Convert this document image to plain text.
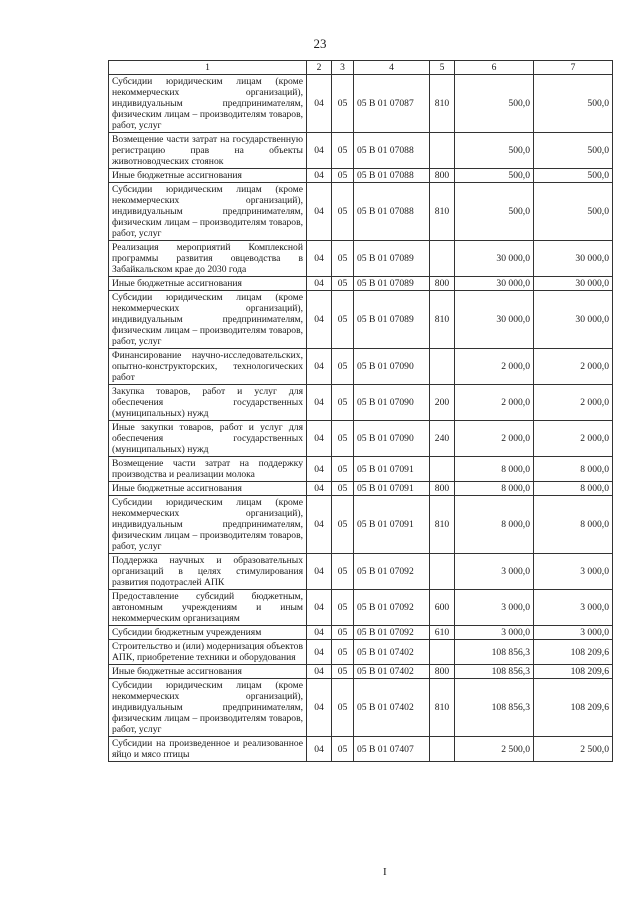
23
1	2	3	4	5	6	7
Субсидии юридическим лицам (кроме некоммерческих организаций), индивидуальным предпринимателям, физическим лицам – производителям товаров, работ, услуг	04	05	05 В 01 07087	810	500,0	500,0
Возмещение части затрат на государственную регистрацию прав на объекты животноводческих стоянок	04	05	05 В 01 07088		500,0	500,0
Иные бюджетные ассигнования	04	05	05 В 01 07088	800	500,0	500,0
Субсидии юридическим лицам (кроме некоммерческих организаций), индивидуальным предпринимателям, физическим лицам – производителям товаров, работ, услуг	04	05	05 В 01 07088	810	500,0	500,0
Реализация мероприятий Комплексной программы развития овцеводства в Забайкальском крае до 2030 года	04	05	05 В 01 07089		30 000,0	30 000,0
Иные бюджетные ассигнования	04	05	05 В 01 07089	800	30 000,0	30 000,0
Субсидии юридическим лицам (кроме некоммерческих организаций), индивидуальным предпринимателям, физическим лицам – производителям товаров, работ, услуг	04	05	05 В 01 07089	810	30 000,0	30 000,0
Финансирование научно-исследовательских, опытно-конструкторских, технологических работ	04	05	05 В 01 07090		2 000,0	2 000,0
Закупка товаров, работ и услуг для обеспечения государственных (муниципальных) нужд	04	05	05 В 01 07090	200	2 000,0	2 000,0
Иные закупки товаров, работ и услуг для обеспечения государственных (муниципальных) нужд	04	05	05 В 01 07090	240	2 000,0	2 000,0
Возмещение части затрат на поддержку производства и реализации молока	04	05	05 В 01 07091		8 000,0	8 000,0
Иные бюджетные ассигнования	04	05	05 В 01 07091	800	8 000,0	8 000,0
Субсидии юридическим лицам (кроме некоммерческих организаций), индивидуальным предпринимателям, физическим лицам – производителям товаров, работ, услуг	04	05	05 В 01 07091	810	8 000,0	8 000,0
Поддержка научных и образовательных организаций в целях стимулирования развития подотраслей АПК	04	05	05 В 01 07092		3 000,0	3 000,0
Предоставление субсидий бюджетным, автономным учреждениям и иным некоммерческим организациям	04	05	05 В 01 07092	600	3 000,0	3 000,0
Субсидии бюджетным учреждениям	04	05	05 В 01 07092	610	3 000,0	3 000,0
Строительство и (или) модернизация объектов АПК, приобретение техники и оборудования	04	05	05 В 01 07402		108 856,3	108 209,6
Иные бюджетные ассигнования	04	05	05 В 01 07402	800	108 856,3	108 209,6
Субсидии юридическим лицам (кроме некоммерческих организаций), индивидуальным предпринимателям, физическим лицам – производителям товаров, работ, услуг	04	05	05 В 01 07402	810	108 856,3	108 209,6
Субсидии на произведенное и реализованное яйцо и мясо птицы	04	05	05 В 01 07407		2 500,0	2 500,0
I
